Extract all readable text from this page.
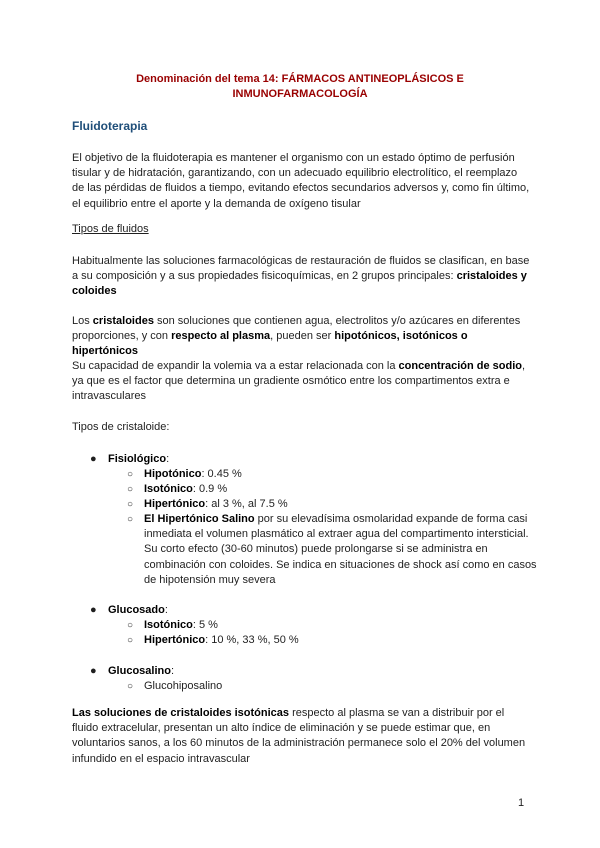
Denominación del tema 14: FÁRMACOS ANTINEOPLÁSICOS E INMUNOFARMACOLOGÍA
Fluidoterapia

El objetivo de la fluidoterapia es mantener el organismo con un estado óptimo de perfusión tisular y de hidratación, garantizando, con un adecuado equilibrio electrolítico, el reemplazo de las pérdidas de fluidos a tiempo, evitando efectos secundarios adversos y, como fin último, el equilibrio entre el aporte y la demanda de oxígeno tisular

Tipos de fluidos

Habitualmente las soluciones farmacológicas de restauración de fluidos se clasifican, en base a su composición y a sus propiedades fisicoquímicas, en 2 grupos principales: cristaloides y coloides

Los cristaloides son soluciones que contienen agua, electrolitos y/o azúcares en diferentes proporciones, y con respecto al plasma, pueden ser hipotónicos, isotónicos o hipertónicos

Su capacidad de expandir la volemia va a estar relacionada con la concentración de sodio, ya que es el factor que determina un gradiente osmótico entre los compartimentos extra e intravasculares

Tipos de cristaloide:

● Fisiológico:
○ Hipotónico: 0.45 %
○ Isotónico: 0.9 %
○ Hipertónico: al 3 %, al 7.5 %
○ El Hipertónico Salino por su elevadísima osmolaridad expande de forma casi inmediata el volumen plasmático al extraer agua del compartimento intersticial. Su corto efecto (30-60 minutos) puede prolongarse si se administra en combinación con coloides. Se indica en situaciones de shock así como en casos de hipotensión muy severa
● Glucosado:
○ Isotónico: 5 %
○ Hipertónico: 10 %, 33 %, 50 %
● Glucosalino:
○ Glucohiposalino

Las soluciones de cristaloides isotónicas respecto al plasma se van a distribuir por el fluido extracelular, presentan un alto índice de eliminación y se puede estimar que, en voluntarios sanos, a los 60 minutos de la administración permanece solo el 20% del volumen infundido en el espacio intravascular

1
